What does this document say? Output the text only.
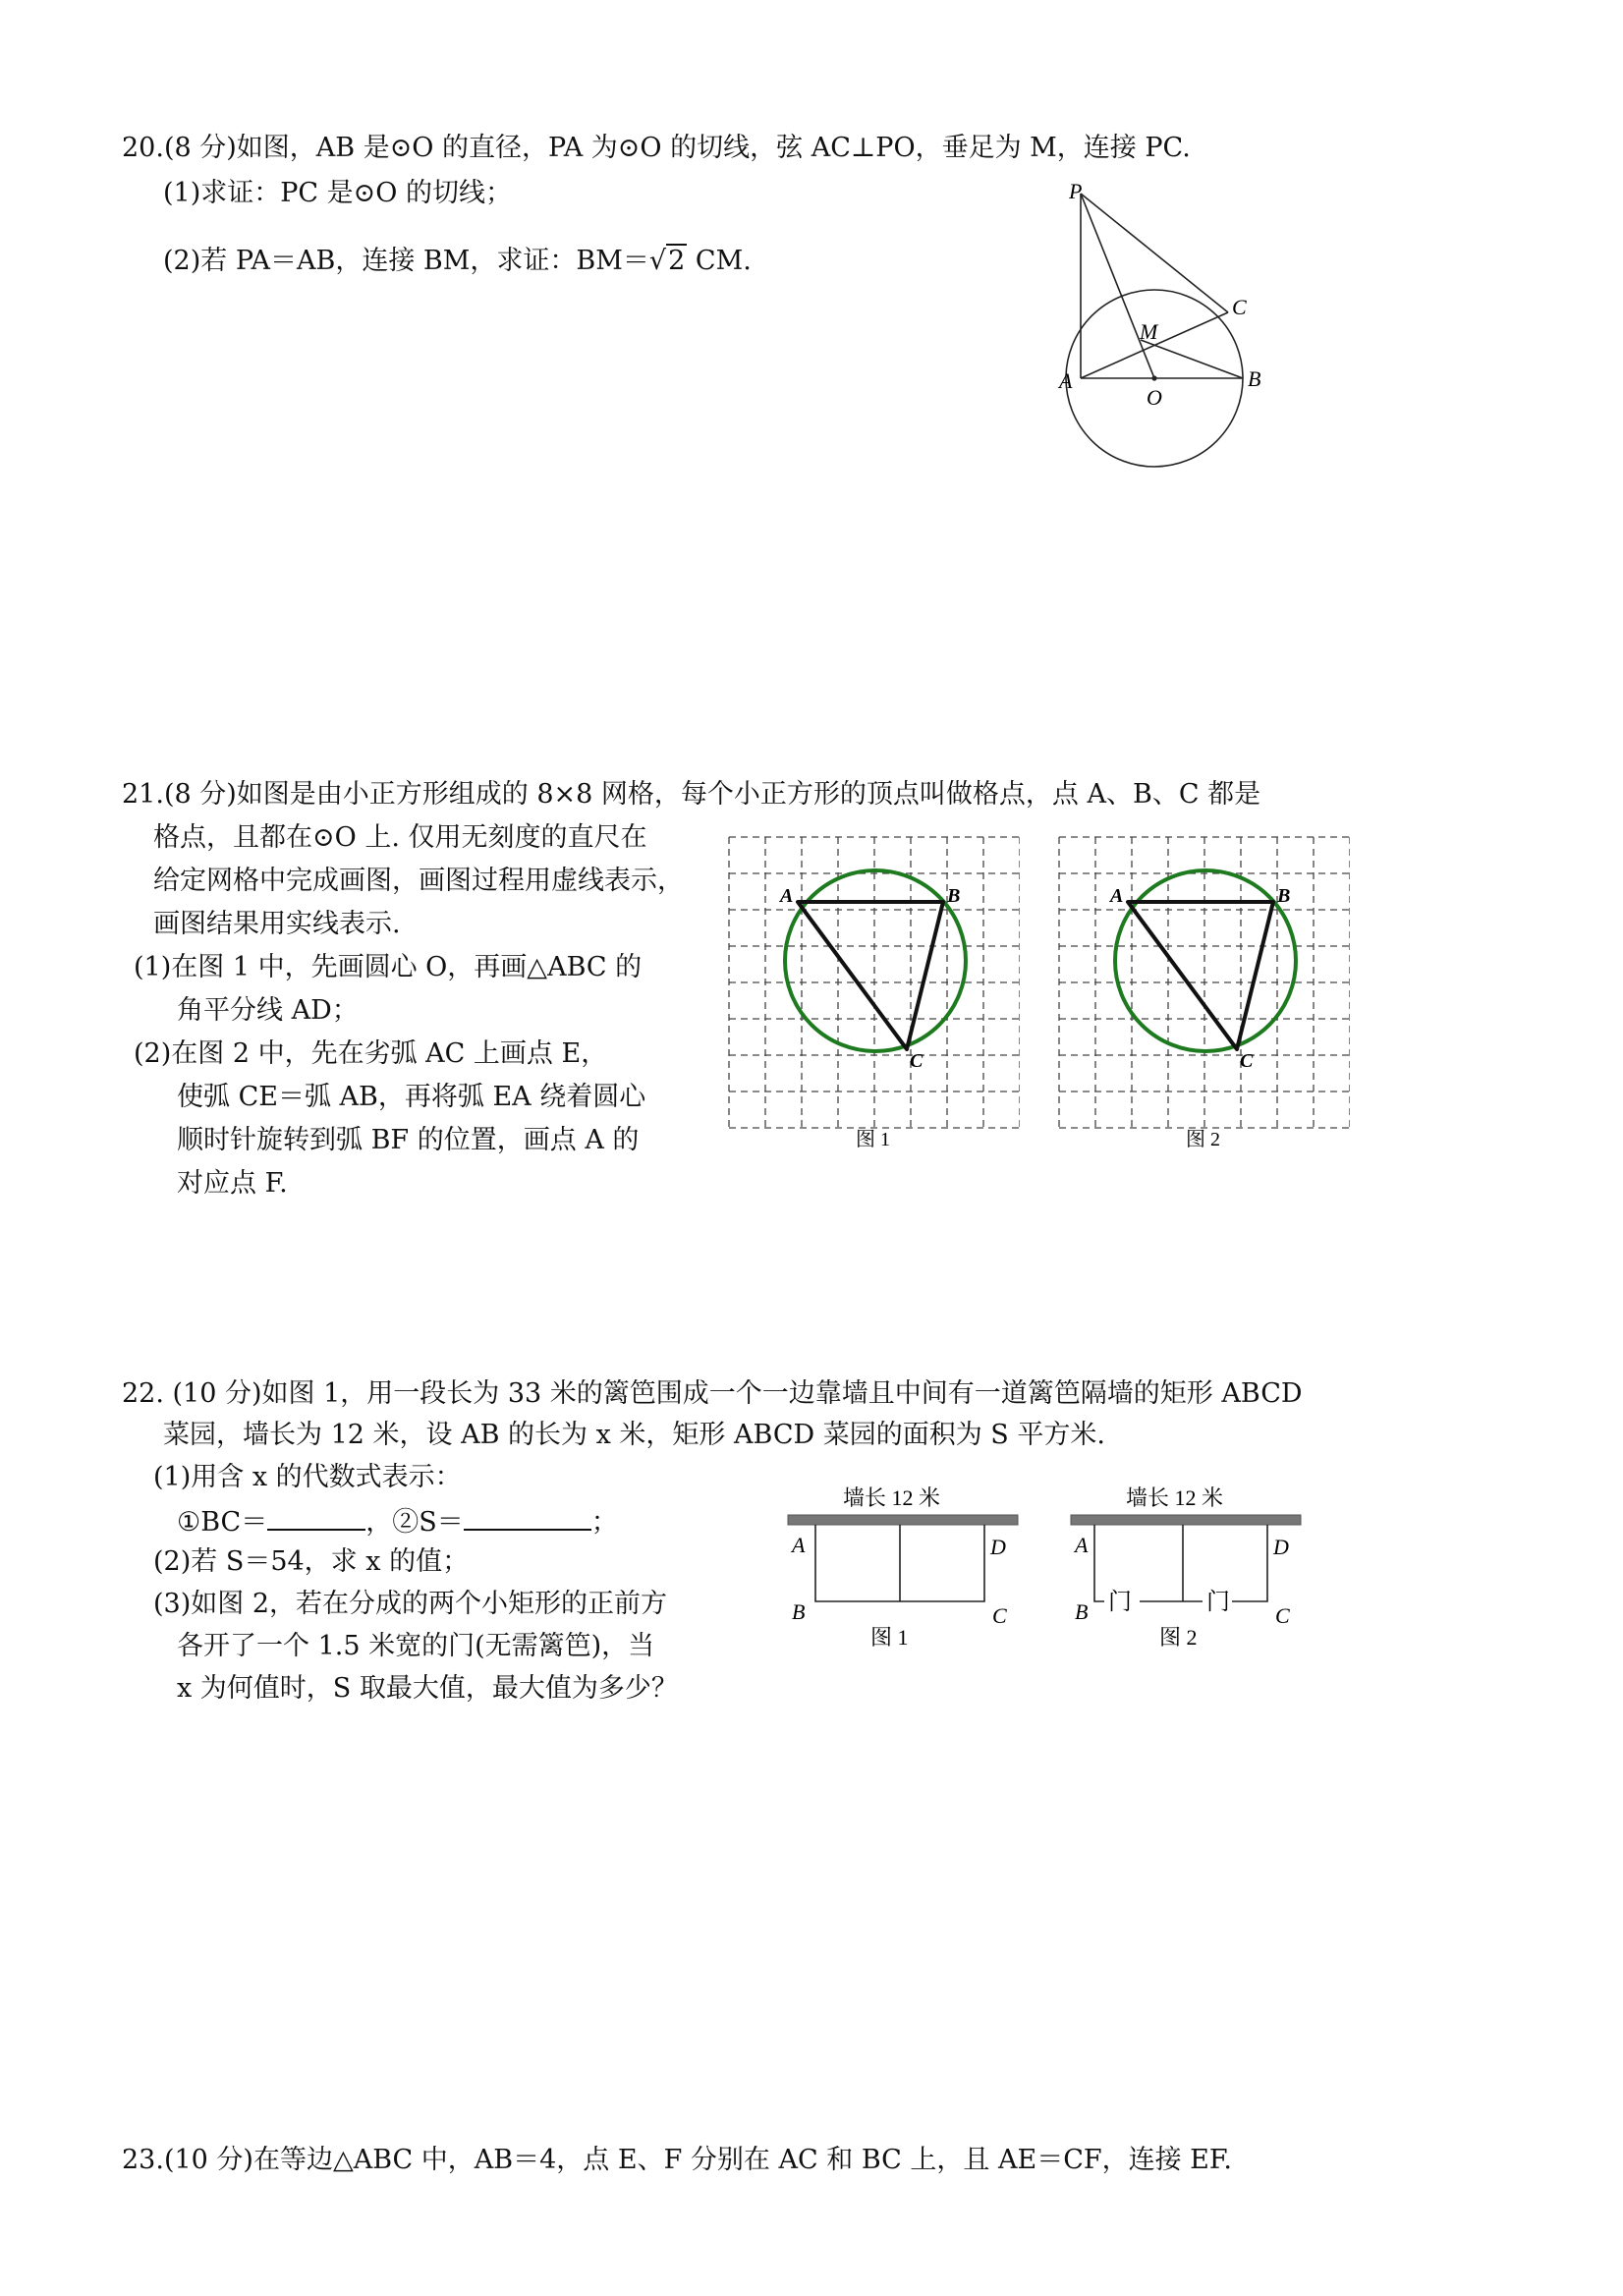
20.(8 分)如图，AB 是⊙O 的直径，PA 为⊙O 的切线，弦 AC⊥PO，垂足为 M，连接 PC.
(1)求证：PC 是⊙O 的切线；
(2)若 PA＝AB，连接 BM，求证：BM＝√2 CM.
P
A	B
C
M
O
21.(8 分)如图是由小正方形组成的 8×8 网格，每个小正方形的顶点叫做格点，点 A、B、C 都是
格点，且都在⊙O 上. 仅用无刻度的直尺在
给定网格中完成画图，画图过程用虚线表示，
画图结果用实线表示.
(1)在图 1 中，先画圆心 O，再画△ABC 的
角平分线 AD；
(2)在图 2 中，先在劣弧 AC 上画点 E，
使弧 CE＝弧 AB，再将弧 EA 绕着圆心
顺时针旋转到弧 BF 的位置，画点 A 的
对应点 F.
A	B
C
图 1
A	B
C
图 2
22. (10 分)如图 1，用一段长为 33 米的篱笆围成一个一边靠墙且中间有一道篱笆隔墙的矩形 ABCD
菜园，墙长为 12 米，设 AB 的长为 x 米，矩形 ABCD 菜园的面积为 S 平方米.
(1)用含 x 的代数式表示：
①BC＝	，②S＝	；
(2)若 S＝54，求 x 的值；
(3)如图 2，若在分成的两个小矩形的正前方
各开了一个 1.5 米宽的门(无需篱笆)，当
x 为何值时，S 取最大值，最大值为多少？
墙长 12 米
A	D
B	C
图 1
墙长 12 米
门	门
A	D
B	C
图 2
23.(10 分)在等边△ABC 中，AB＝4，点 E、F 分别在 AC 和 BC 上，且 AE＝CF，连接 EF.
